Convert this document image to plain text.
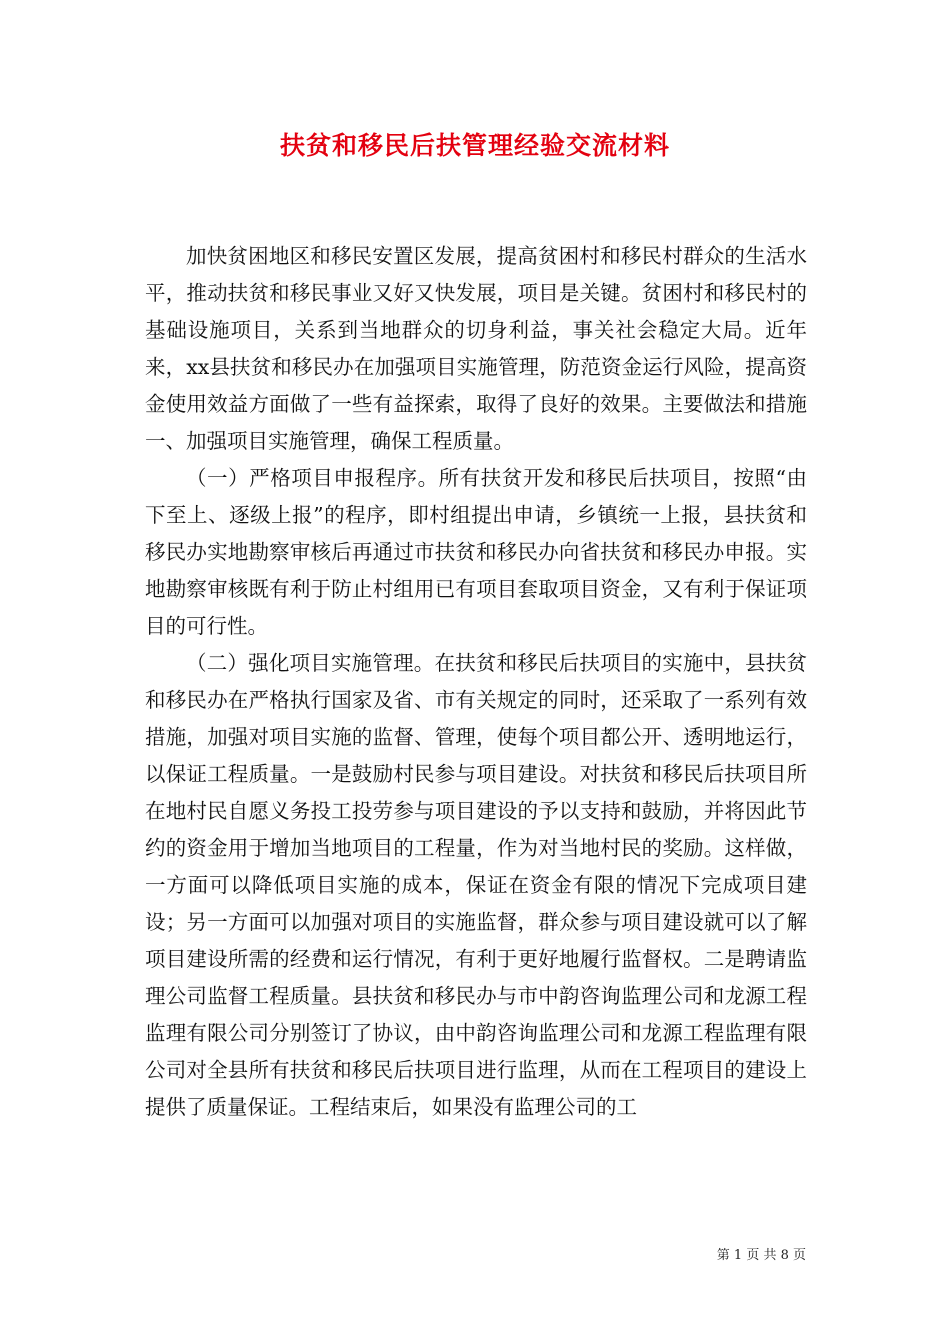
扶贫和移民后扶管理经验交流材料

加快贫困地区和移民安置区发展，提高贫困村和移民村群众的生活水平，推动扶贫和移民事业又好又快发展，项目是关键。贫困村和移民村的基础设施项目，关系到当地群众的切身利益，事关社会稳定大局。近年来，xx县扶贫和移民办在加强项目实施管理，防范资金运行风险，提高资金使用效益方面做了一些有益探索，取得了良好的效果。主要做法和措施一、加强项目实施管理，确保工程质量。

（一）严格项目申报程序。所有扶贫开发和移民后扶项目，按照“由下至上、逐级上报”的程序，即村组提出申请，乡镇统一上报，县扶贫和移民办实地勘察审核后再通过市扶贫和移民办向省扶贫和移民办申报。实地勘察审核既有利于防止村组用已有项目套取项目资金，又有利于保证项目的可行性。

（二）强化项目实施管理。在扶贫和移民后扶项目的实施中，县扶贫和移民办在严格执行国家及省、市有关规定的同时，还采取了一系列有效措施，加强对项目实施的监督、管理，使每个项目都公开、透明地运行，以保证工程质量。一是鼓励村民参与项目建设。对扶贫和移民后扶项目所在地村民自愿义务投工投劳参与项目建设的予以支持和鼓励，并将因此节约的资金用于增加当地项目的工程量，作为对当地村民的奖励。这样做，一方面可以降低项目实施的成本，保证在资金有限的情况下完成项目建设；另一方面可以加强对项目的实施监督，群众参与项目建设就可以了解项目建设所需的经费和运行情况，有利于更好地履行监督权。二是聘请监理公司监督工程质量。县扶贫和移民办与市中韵咨询监理公司和龙源工程监理有限公司分别签订了协议，由中韵咨询监理公司和龙源工程监理有限公司对全县所有扶贫和移民后扶项目进行监理，从而在工程项目的建设上提供了质量保证。工程结束后，如果没有监理公司的工

第 1 页 共 8 页
